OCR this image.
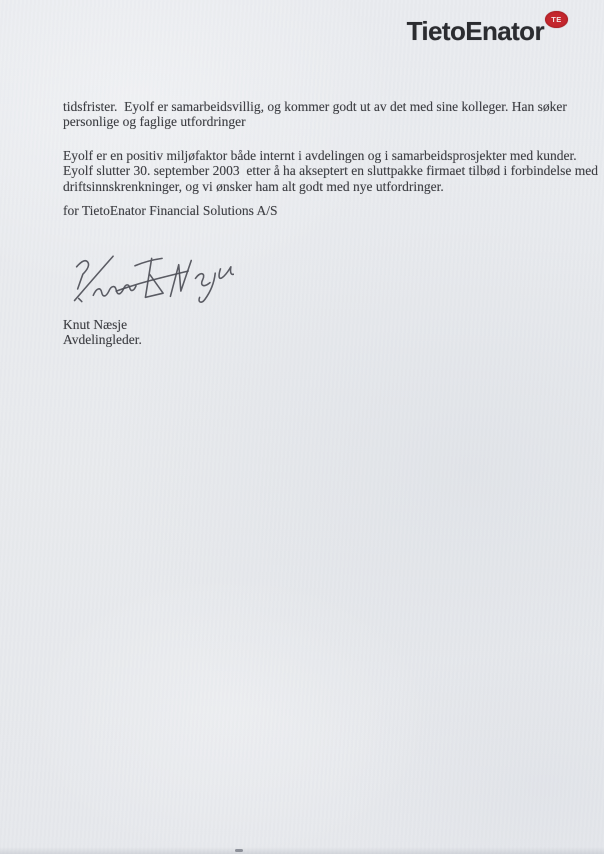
TietoEnator TE
tidsfrister.  Eyolf er samarbeidsvillig, og kommer godt ut av det med sine kolleger. Han søker
personlige og faglige utfordringer
Eyolf er en positiv miljøfaktor både internt i avdelingen og i samarbeidsprosjekter med kunder.
Eyolf slutter 30. september 2003  etter å ha akseptert en sluttpakke firmaet tilbød i forbindelse med
driftsinnskrenkninger, og vi ønsker ham alt godt med nye utfordringer.
for TietoEnator Financial Solutions A/S
Knut Næsje
Avdelingleder.
